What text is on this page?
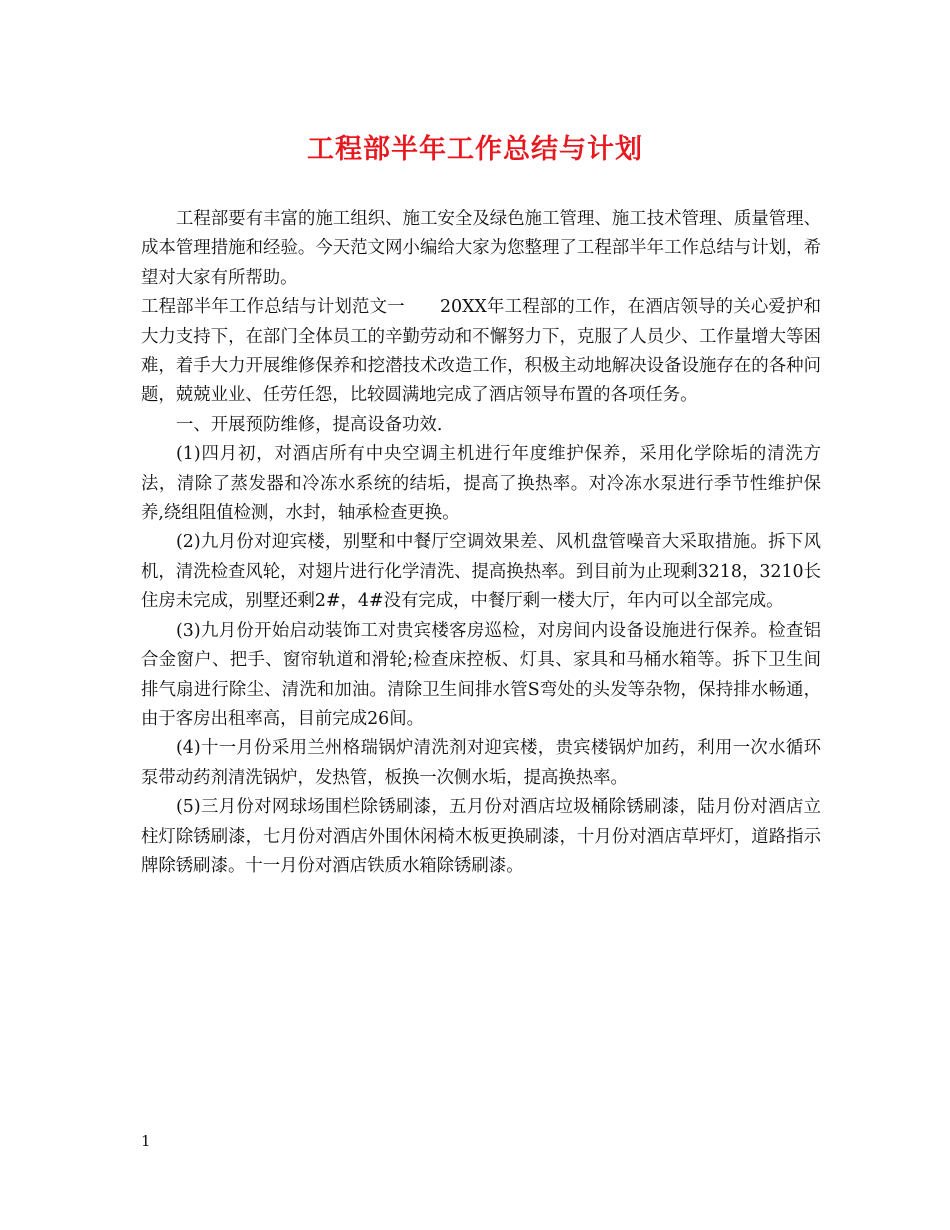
工程部半年工作总结与计划

工程部要有丰富的施工组织、施工安全及绿色施工管理、施工技术管理、质量管理、成本管理措施和经验。今天范文网小编给大家为您整理了工程部半年工作总结与计划，希望对大家有所帮助。

工程部半年工作总结与计划范文一　　20XX年工程部的工作，在酒店领导的关心爱护和大力支持下，在部门全体员工的辛勤劳动和不懈努力下，克服了人员少、工作量增大等困难，着手大力开展维修保养和挖潜技术改造工作，积极主动地解决设备设施存在的各种问题，兢兢业业、任劳任怨，比较圆满地完成了酒店领导布置的各项任务。

一、开展预防维修，提高设备功效.

(1)四月初，对酒店所有中央空调主机进行年度维护保养，采用化学除垢的清洗方法，清除了蒸发器和冷冻水系统的结垢，提高了换热率。对冷冻水泵进行季节性维护保养,绕组阻值检测，水封，轴承检查更换。

(2)九月份对迎宾楼，别墅和中餐厅空调效果差、风机盘管噪音大采取措施。拆下风机，清洗检查风轮，对翅片进行化学清洗、提高换热率。到目前为止现剩3218，3210长住房未完成，别墅还剩2#，4#没有完成，中餐厅剩一楼大厅，年内可以全部完成。

(3)九月份开始启动装饰工对贵宾楼客房巡检，对房间内设备设施进行保养。检查铝合金窗户、把手、窗帘轨道和滑轮;检查床控板、灯具、家具和马桶水箱等。拆下卫生间排气扇进行除尘、清洗和加油。清除卫生间排水管S弯处的头发等杂物，保持排水畅通，由于客房出租率高，目前完成26间。

(4)十一月份采用兰州格瑞锅炉清洗剂对迎宾楼，贵宾楼锅炉加药，利用一次水循环泵带动药剂清洗锅炉，发热管，板换一次侧水垢，提高换热率。

(5)三月份对网球场围栏除锈刷漆，五月份对酒店垃圾桶除锈刷漆，陆月份对酒店立柱灯除锈刷漆，七月份对酒店外围休闲椅木板更换刷漆，十月份对酒店草坪灯，道路指示牌除锈刷漆。十一月份对酒店铁质水箱除锈刷漆。

1
